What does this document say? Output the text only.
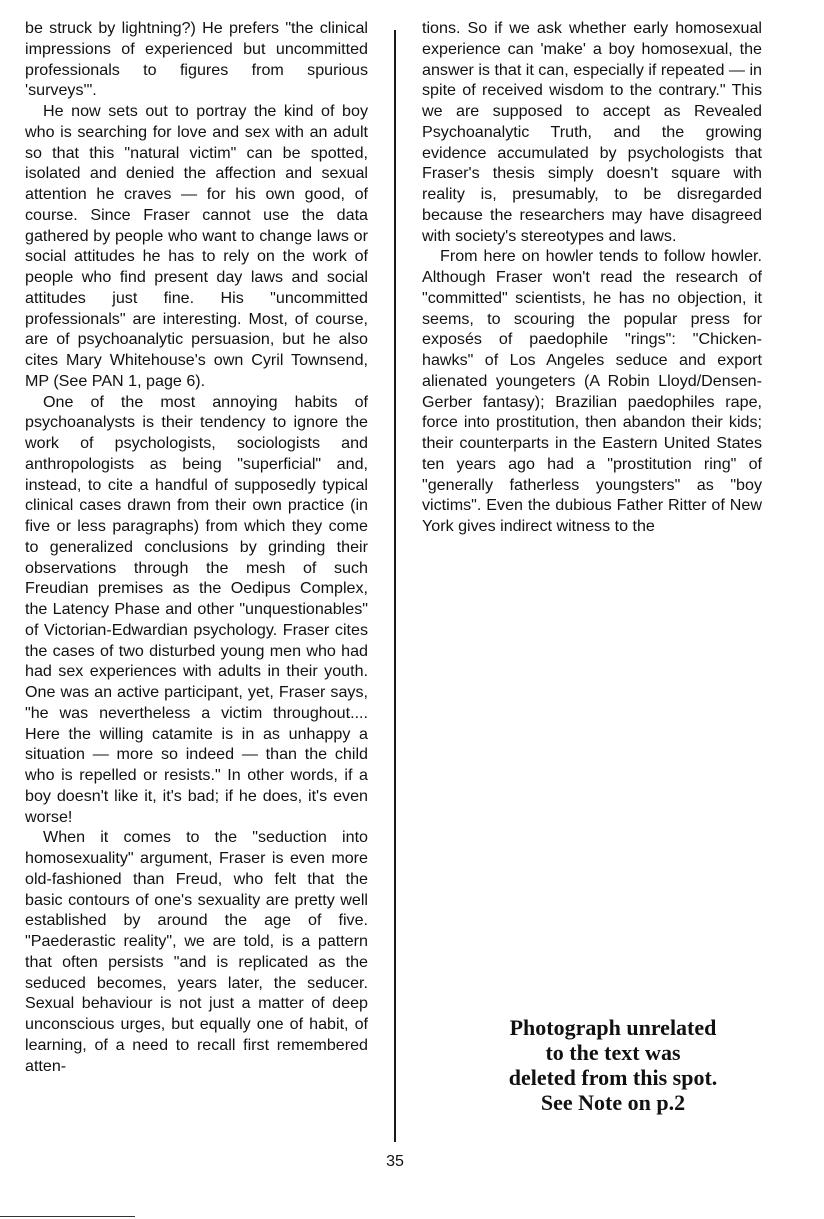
be struck by lightning?) He prefers "the clinical impressions of experienced but uncommitted professionals to figures from spurious 'surveys'".

He now sets out to portray the kind of boy who is searching for love and sex with an adult so that this "natural victim" can be spotted, isolated and denied the affection and sexual attention he craves — for his own good, of course. Since Fraser cannot use the data gathered by people who want to change laws or social attitudes he has to rely on the work of people who find present day laws and social attitudes just fine. His "uncommitted professionals" are interesting. Most, of course, are of psychoanalytic persuasion, but he also cites Mary Whitehouse's own Cyril Townsend, MP (See PAN 1, page 6).

One of the most annoying habits of psychoanalysts is their tendency to ignore the work of psychologists, sociologists and anthropologists as being "superficial" and, instead, to cite a handful of supposedly typical clinical cases drawn from their own practice (in five or less paragraphs) from which they come to generalized conclusions by grinding their observations through the mesh of such Freudian premises as the Oedipus Complex, the Latency Phase and other "unquestionables" of Victorian-Edwardian psychology. Fraser cites the cases of two disturbed young men who had had sex experiences with adults in their youth. One was an active participant, yet, Fraser says, "he was nevertheless a victim throughout.... Here the willing catamite is in as unhappy a situation — more so indeed — than the child who is repelled or resists." In other words, if a boy doesn't like it, it's bad; if he does, it's even worse!

When it comes to the "seduction into homosexuality" argument, Fraser is even more old-fashioned than Freud, who felt that the basic contours of one's sexuality are pretty well established by around the age of five. "Paederastic reality", we are told, is a pattern that often persists "and is replicated as the seduced becomes, years later, the seducer. Sexual behaviour is not just a matter of deep unconscious urges, but equally one of habit, of learning, of a need to recall first remembered atten-

tions. So if we ask whether early homosexual experience can 'make' a boy homosexual, the answer is that it can, especially if repeated — in spite of received wisdom to the contrary." This we are supposed to accept as Revealed Psychoanalytic Truth, and the growing evidence accumulated by psychologists that Fraser's thesis simply doesn't square with reality is, presumably, to be disregarded because the researchers may have disagreed with society's stereotypes and laws.

From here on howler tends to follow howler. Although Fraser won't read the research of "committed" scientists, he has no objection, it seems, to scouring the popular press for exposés of paedophile "rings": "Chicken-hawks" of Los Angeles seduce and export alienated youngeters (A Robin Lloyd/Densen-Gerber fantasy); Brazilian paedophiles rape, force into prostitution, then abandon their kids; their counterparts in the Eastern United States ten years ago had a "prostitution ring" of "generally fatherless youngsters" as "boy victims". Even the dubious Father Ritter of New York gives indirect witness to the

Photograph unrelated
to the text was
deleted from this spot.
See Note on p.2
35
